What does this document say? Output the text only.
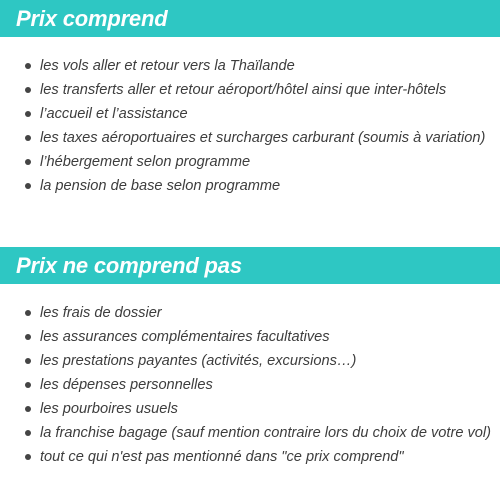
Prix comprend
les vols aller et retour vers la Thaïlande
les transferts aller et retour aéroport/hôtel ainsi que inter-hôtels
l’accueil et l’assistance
les taxes aéroportuaires et surcharges carburant (soumis à variation)
l’hébergement selon programme
la pension de base selon programme
Prix ne comprend pas
les frais de dossier
les assurances complémentaires facultatives
les prestations payantes (activités, excursions…)
les dépenses personnelles
les pourboires usuels
la franchise bagage (sauf mention contraire lors du choix de votre vol)
tout ce qui n'est pas mentionné dans "ce prix comprend"
